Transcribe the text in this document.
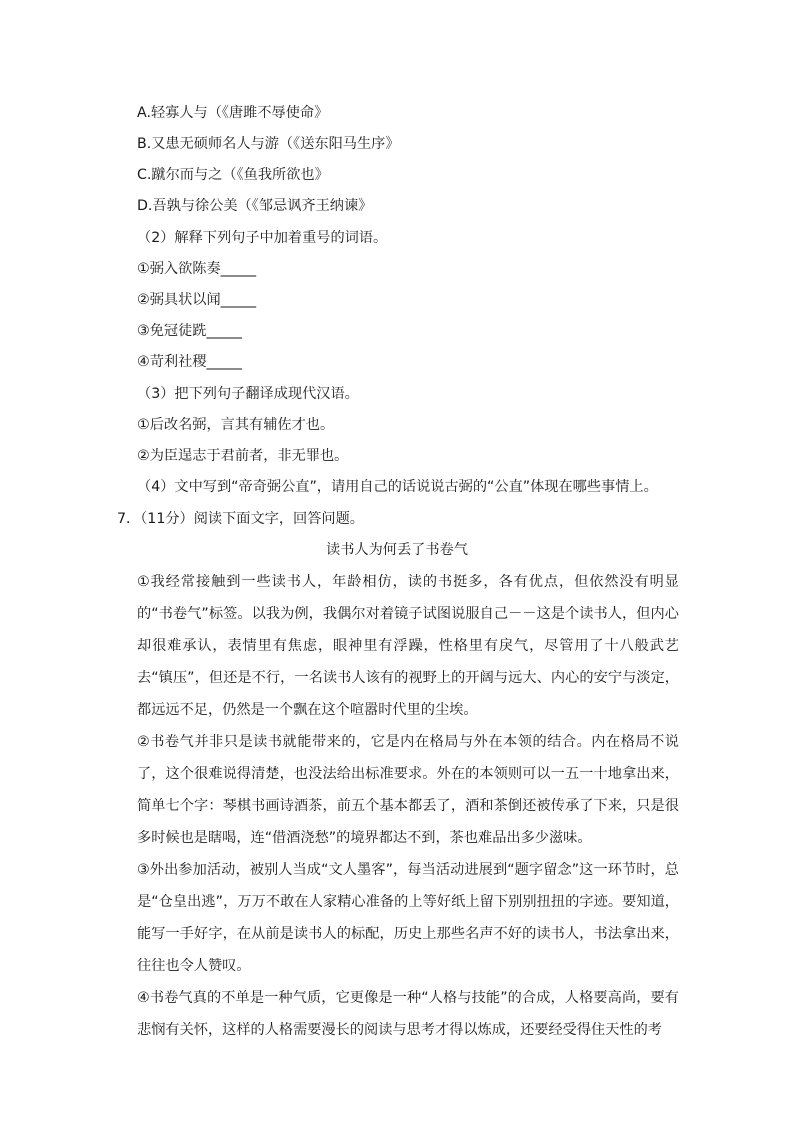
A.轻寡人与（《唐雎不辱使命》
B.又患无硕师名人与游（《送东阳马生序》
C.蹴尔而与之（《鱼我所欲也》
D.吾孰与徐公美（《邹忌讽齐王纳谏》
（2）解释下列句子中加着重号的词语。
①弼入欲陈奏_____
②弼具状以闻_____
③免冠徒跣_____
④苛利社稷_____
（3）把下列句子翻译成现代汉语。
①后改名弼，言其有辅佐才也。
②为臣逞志于君前者，非无罪也。
（4）文中写到“帝奇弼公直”，请用自己的话说说古弼的“公直”体现在哪些事情上。
7．（11分）阅读下面文字，回答问题。
读书人为何丢了书卷气

①我经常接触到一些读书人，年龄相仿，读的书挺多，各有优点，但依然没有明显的“书卷气”标签。以我为例，我偶尔对着镜子试图说服自己－－这是个读书人，但内心却很难承认，表情里有焦虑，眼神里有浮躁，性格里有戾气，尽管用了十八般武艺去“镇压”，但还是不行，一名读书人该有的视野上的开阔与远大、内心的安宁与淡定，都远远不足，仍然是一个飘在这个喧嚣时代里的尘埃。

②书卷气并非只是读书就能带来的，它是内在格局与外在本领的结合。内在格局不说了，这个很难说得清楚，也没法给出标准要求。外在的本领则可以一五一十地拿出来，简单七个字：琴棋书画诗酒茶，前五个基本都丢了，酒和茶倒还被传承了下来，只是很多时候也是瞎喝，连“借酒浇愁”的境界都达不到，茶也难品出多少滋味。

③外出参加活动，被别人当成“文人墨客”，每当活动进展到“题字留念”这一环节时，总是“仓皇出逃”，万万不敢在人家精心准备的上等好纸上留下别别扭扭的字迹。要知道，能写一手好字，在从前是读书人的标配，历史上那些名声不好的读书人，书法拿出来，往往也令人赞叹。

④书卷气真的不单是一种气质，它更像是一种“人格与技能”的合成，人格要高尚，要有悲悯有关怀，这样的人格需要漫长的阅读与思考才得以炼成，还要经受得住天性的考
